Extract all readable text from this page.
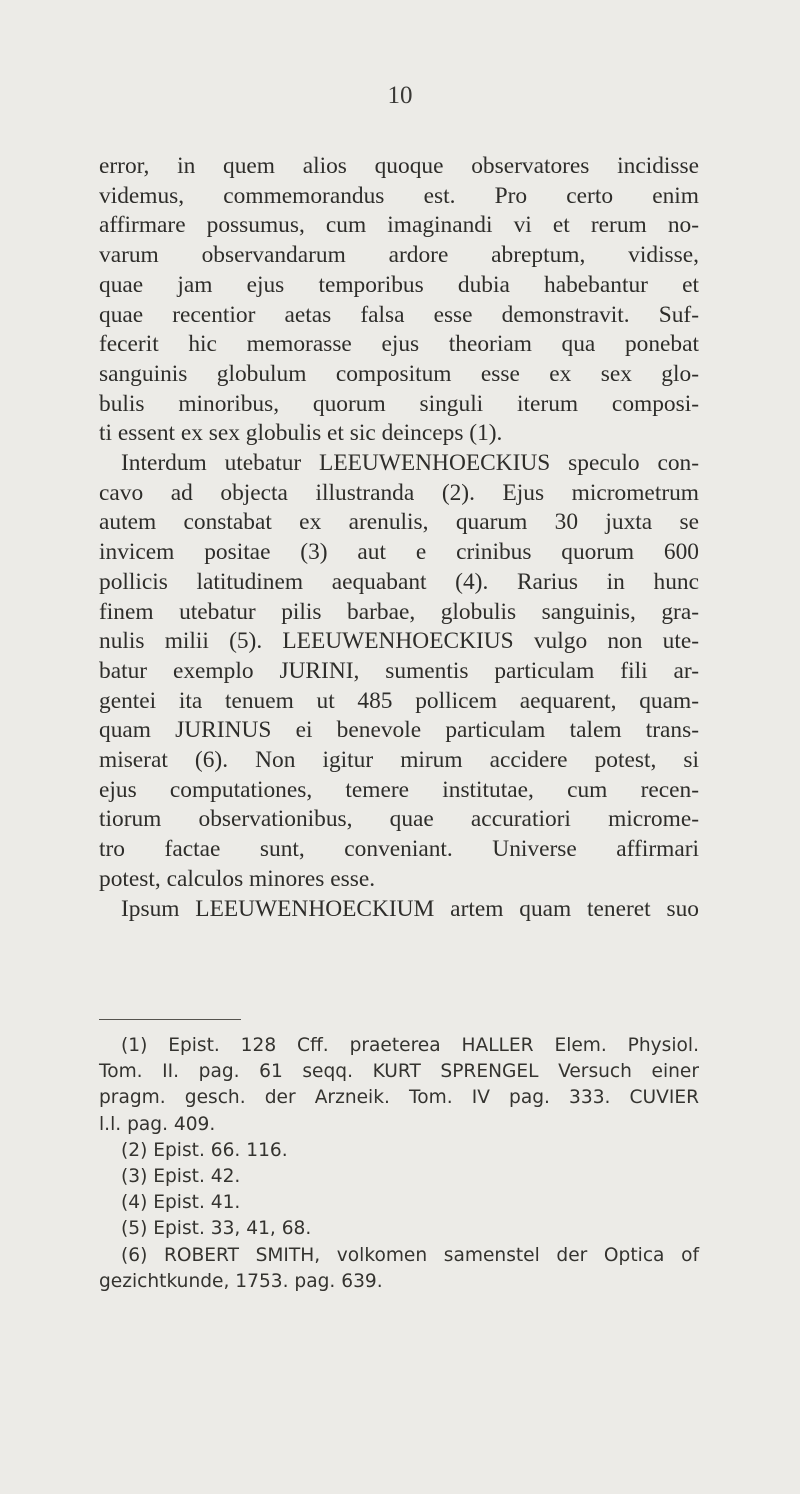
10
error, in quem alios quoque observatores incidisse
videmus, commemorandus est. Pro certo enim
affirmare possumus, cum imaginandi vi et rerum no-
varum observandarum ardore abreptum, vidisse,
quae jam ejus temporibus dubia habebantur et
quae recentior aetas falsa esse demonstravit. Suf-
fecerit hic memorasse ejus theoriam qua ponebat
sanguinis globulum compositum esse ex sex glo-
bulis minoribus, quorum singuli iterum composi-
ti essent ex sex globulis et sic deinceps (1).
Interdum utebatur LEEUWENHOECKIUS speculo con-
cavo ad objecta illustranda (2). Ejus micrometrum
autem constabat ex arenulis, quarum 30 juxta se
invicem positae (3) aut e crinibus quorum 600
pollicis latitudinem aequabant (4). Rarius in hunc
finem utebatur pilis barbae, globulis sanguinis, gra-
nulis milii (5). LEEUWENHOECKIUS vulgo non ute-
batur exemplo JURINI, sumentis particulam fili ar-
gentei ita tenuem ut 485 pollicem aequarent, quam-
quam JURINUS ei benevole particulam talem trans-
miserat (6). Non igitur mirum accidere potest, si
ejus computationes, temere institutae, cum recen-
tiorum observationibus, quae accuratiori microme-
tro factae sunt, conveniant. Universe affirmari
potest, calculos minores esse.
Ipsum LEEUWENHOECKIUM artem quam teneret suo
(1) Epist. 128 Cff. praeterea HALLER Elem. Physiol.
Tom. II. pag. 61 seqq. KURT SPRENGEL Versuch einer
pragm. gesch. der Arzneik. Tom. IV pag. 333. CUVIER
l.l. pag. 409.
(2) Epist. 66. 116.
(3) Epist. 42.
(4) Epist. 41.
(5) Epist. 33, 41, 68.
(6) ROBERT SMITH, volkomen samenstel der Optica of
gezichtkunde, 1753. pag. 639.
